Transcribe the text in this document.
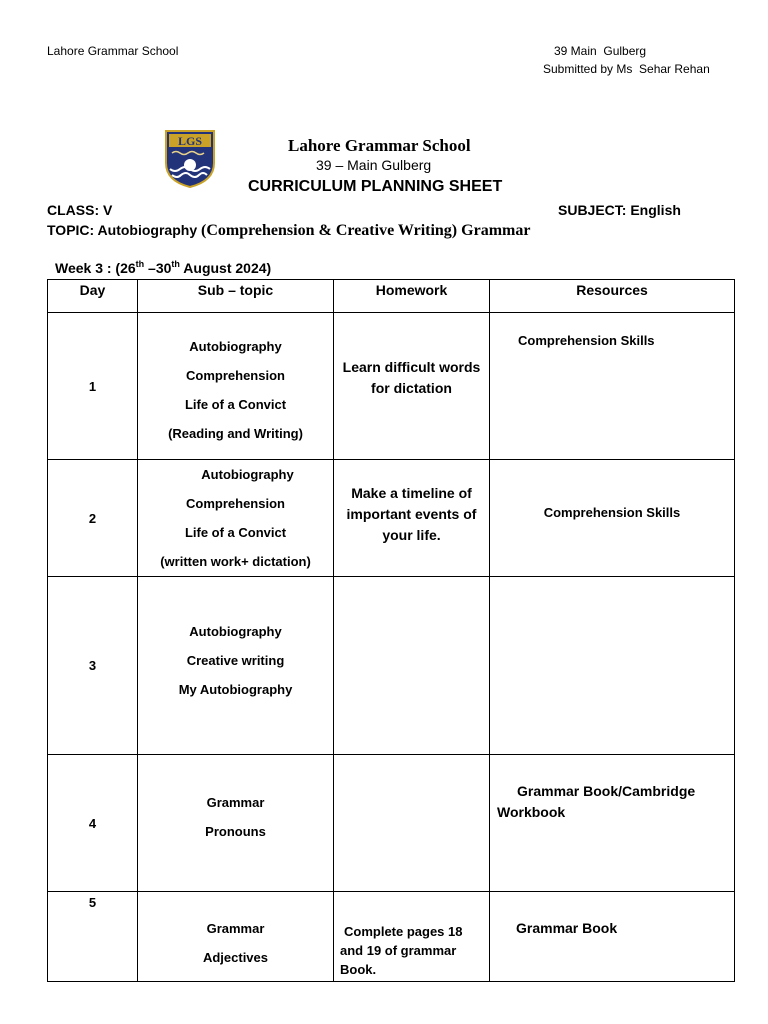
Lahore Grammar School	39 Main  Gulberg
Submitted by Ms  Sehar Rehan
LGS	Lahore Grammar School
39 – Main Gulberg
CURRICULUM PLANNING SHEET
CLASS: V	SUBJECT: English
TOPIC: Autobiography (Comprehension & Creative Writing) Grammar
Week 3 : (26th –30th August 2024)
Day	Sub – topic	Homework	Resources
1	Autobiography
Comprehension
Life of a Convict
(Reading and Writing)	Learn difficult words for dictation	Comprehension Skills

2	Autobiography
Comprehension
Life of a Convict
(written work+ dictation)	Make a timeline of important events of your life.	Comprehension Skills

3	Autobiography
Creative writing
My Autobiography		

4	Grammar
Pronouns		Grammar Book/Cambridge Workbook

5	Grammar
Adjectives	Complete pages 18 and 19 of grammar Book.	Grammar Book
